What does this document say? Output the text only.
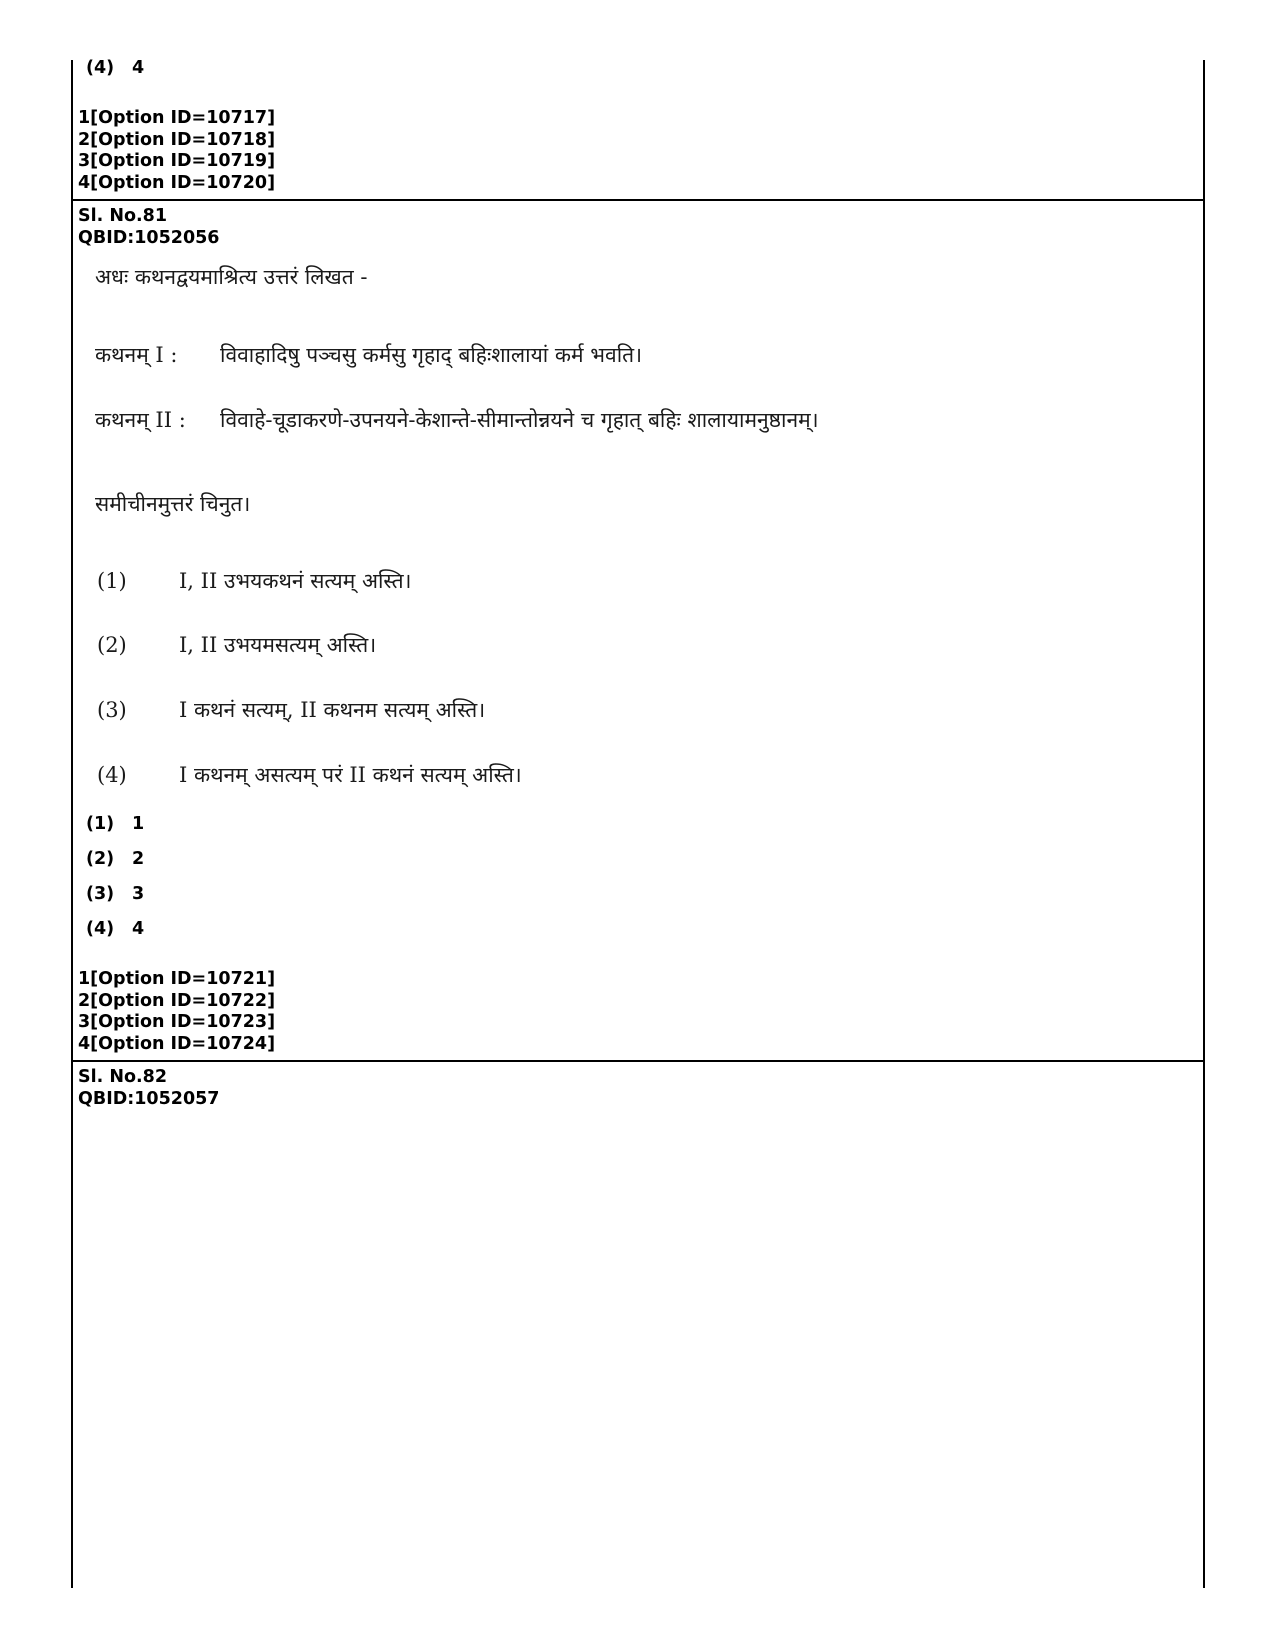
(4) 4
1[Option ID=10717]
2[Option ID=10718]
3[Option ID=10719]
4[Option ID=10720]
Sl. No.81
QBID:1052056
अधः कथनद्वयमाश्रित्य उत्तरं लिखत -
कथनम् I : विवाहादिषु पञ्चसु कर्मसु गृहाद् बहिःशालायां कर्म भवति।
कथनम् II : विवाहे-चूडाकरणे-उपनयने-केशान्ते-सीमान्तोन्नयने च गृहात् बहिः शालायामनुष्ठानम्।
समीचीनमुत्तरं चिनुत।
(1) I, II उभयकथनं सत्यम् अस्ति।
(2) I, II उभयमसत्यम् अस्ति।
(3) I कथनं सत्यम्, II कथनम सत्यम् अस्ति।
(4) I कथनम् असत्यम् परं II कथनं सत्यम् अस्ति।
(1) 1
(2) 2
(3) 3
(4) 4
1[Option ID=10721]
2[Option ID=10722]
3[Option ID=10723]
4[Option ID=10724]
Sl. No.82
QBID:1052057
